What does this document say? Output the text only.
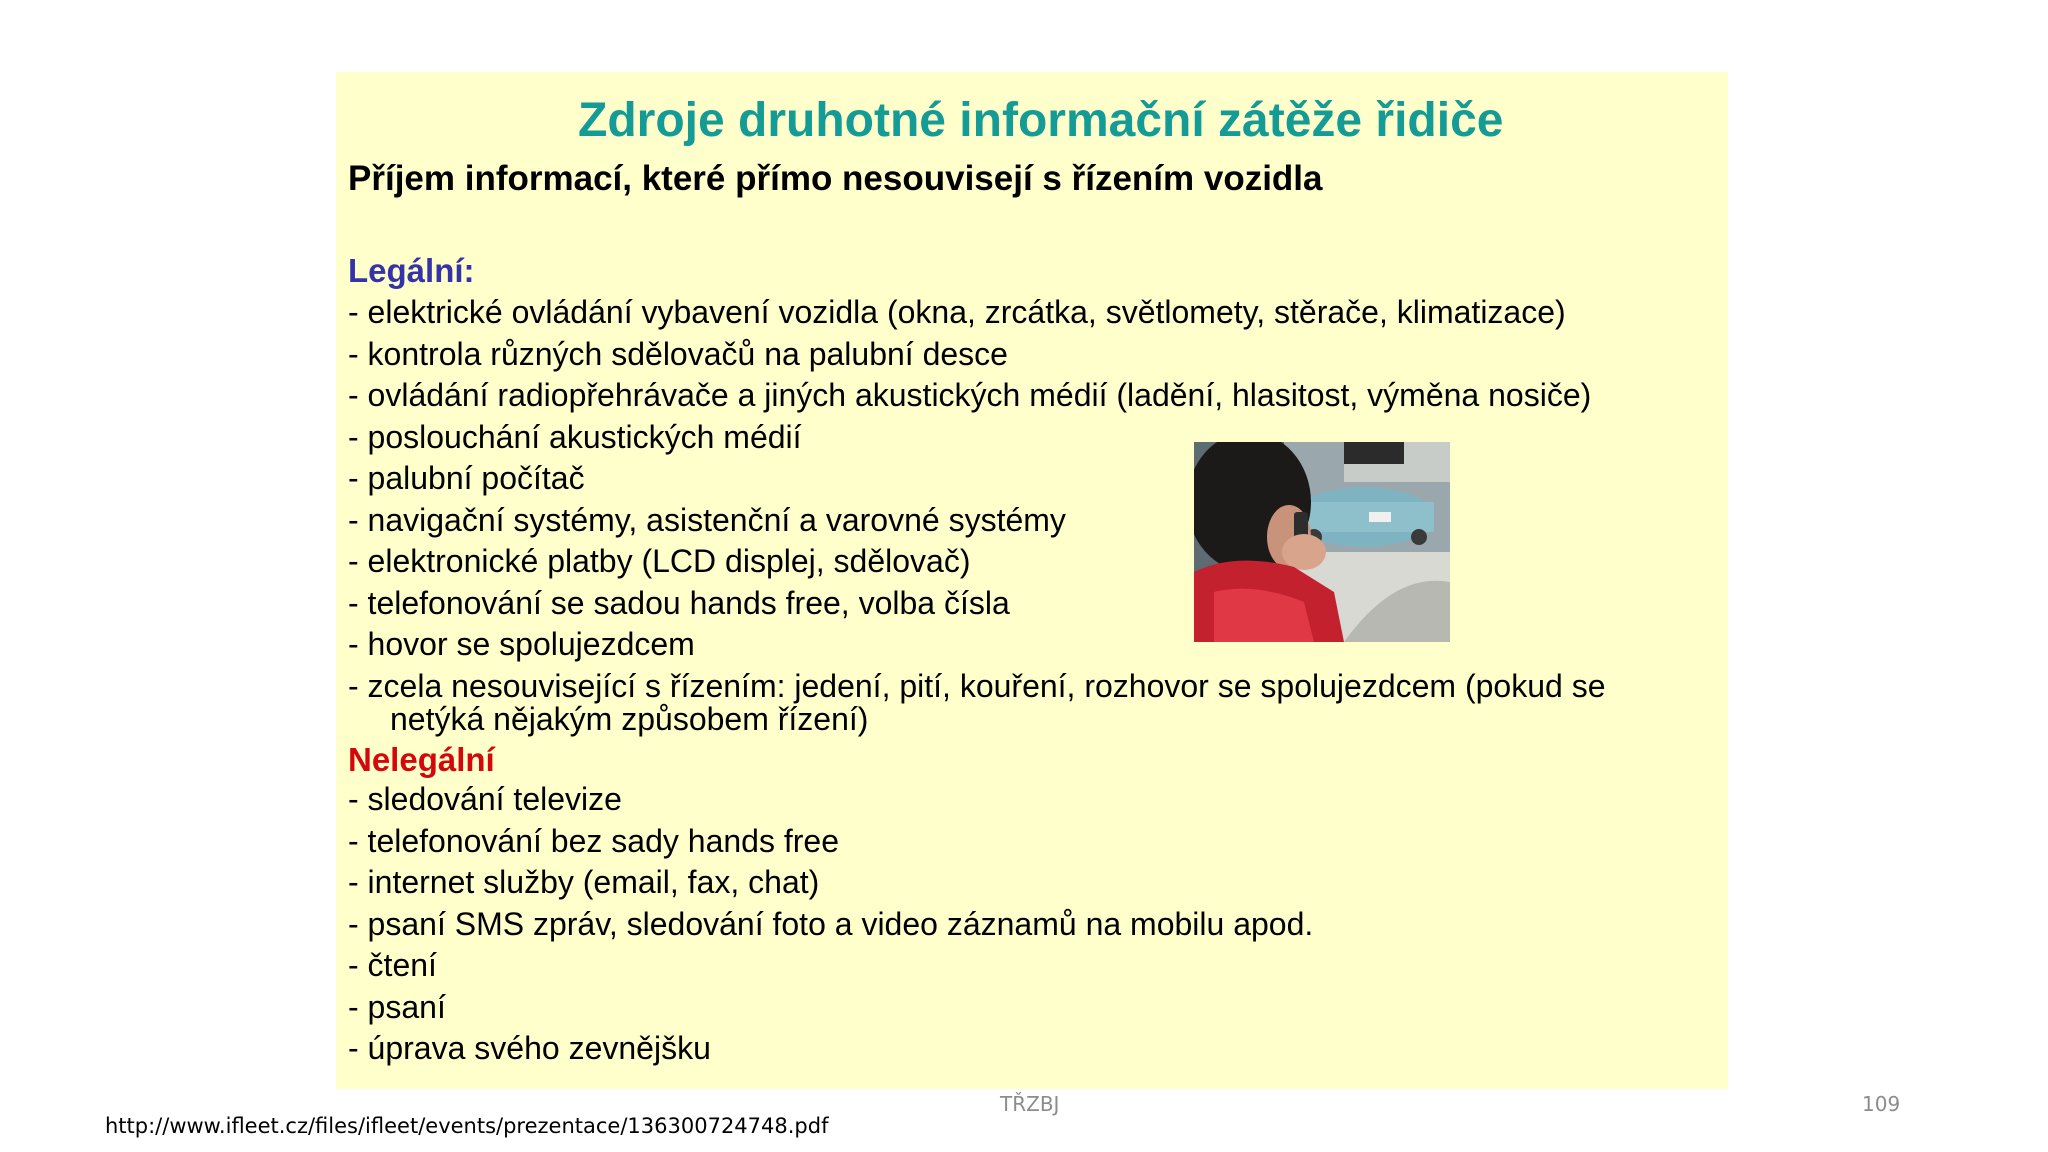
Zdroje druhotné informační zátěže řidiče
Příjem informací, které přímo nesouvisejí s řízením vozidla
Legální:
- elektrické ovládání vybavení vozidla (okna, zrcátka, světlomety, stěrače, klimatizace)
- kontrola různých sdělovačů na palubní desce
- ovládání radiopřehrávače a jiných akustických médií (ladění, hlasitost, výměna nosiče)
- poslouchání akustických médií
- palubní počítač
- navigační systémy, asistenční a varovné systémy
- elektronické platby (LCD displej, sdělovač)
- telefonování se sadou hands free, volba čísla
- hovor se spolujezdcem
- zcela nesouvisející s řízením: jedení, pití, kouření, rozhovor se spolujezdcem (pokud se
netýká nějakým způsobem řízení)
Nelegální
- sledování televize
- telefonování bez sady hands free
- internet služby (email, fax, chat)
- psaní SMS zpráv, sledování foto a video záznamů na mobilu apod.
- čtení
- psaní
- úprava svého zevnějšku
TŘZBJ	109
http://www.ifleet.cz/files/ifleet/events/prezentace/136300724748.pdf
